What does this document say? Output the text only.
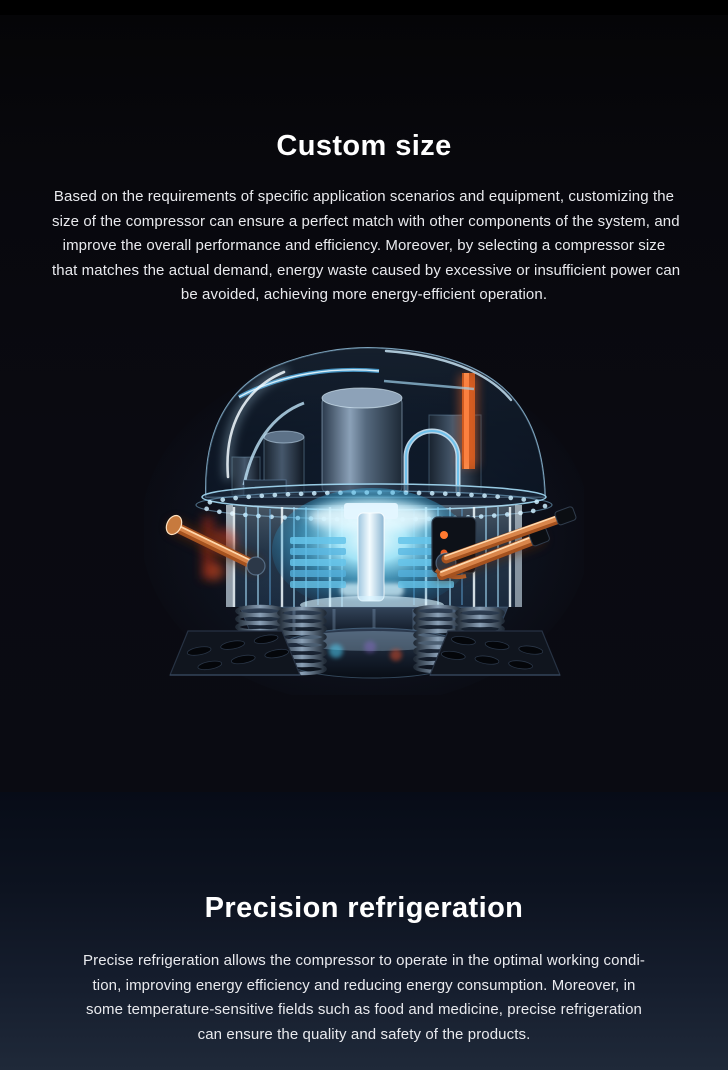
Custom size
Based on the requirements of specific application scenarios and equipment, customizing the
size of the compressor can ensure a perfect match with other components of the system, and
improve the overall performance and efficiency. Moreover, by selecting a compressor size
that matches the actual demand, energy waste caused by excessive or insufficient power can
be avoided, achieving more energy-efficient operation.
Precision refrigeration
Precise refrigeration allows the compressor to operate in the optimal working condi-
tion, improving energy efficiency and reducing energy consumption. Moreover, in
some temperature-sensitive fields such as food and medicine, precise refrigeration
can ensure the quality and safety of the products.
